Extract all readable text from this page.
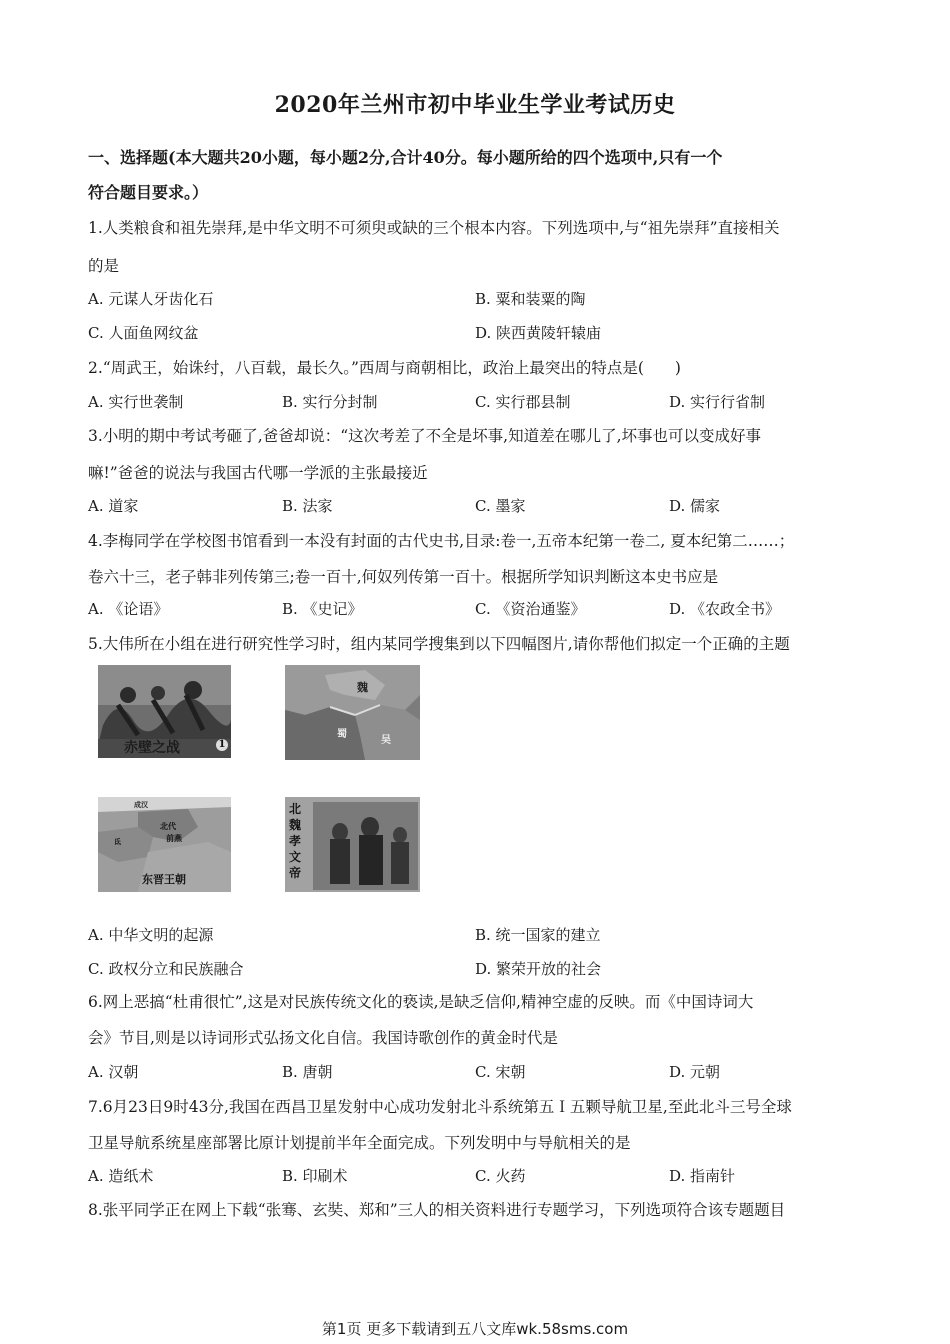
2020年兰州市初中毕业生学业考试历史
一、选择题(本大题共20小题，每小题2分,合计40分。每小题所给的四个选项中,只有一个
符合题目要求。）
1.人类粮食和祖先崇拜,是中华文明不可须臾或缺的三个根本内容。下列选项中,与“祖先崇拜”直接相关
的是
A. 元谋人牙齿化石	B. 粟和装粟的陶
C. 人面鱼网纹盆	D. 陕西黄陵轩辕庙
2.“周武王，始诛纣，八百载，最长久。”西周与商朝相比，政治上最突出的特点是(　　)
A. 实行世袭制	B. 实行分封制	C. 实行郡县制	D. 实行行省制
3.小明的期中考试考砸了,爸爸却说：“这次考差了不全是坏事,知道差在哪儿了,坏事也可以变成好事
嘛!”爸爸的说法与我国古代哪一学派的主张最接近
A. 道家	B. 法家	C. 墨家	D. 儒家
4.李梅同学在学校图书馆看到一本没有封面的古代史书,目录:卷一,五帝本纪第一卷二, 夏本纪第二……；
卷六十三，老子韩非列传第三;卷一百十,何奴列传第一百十。根据所学知识判断这本史书应是
A. 《论语》	B. 《史记》	C. 《资治通鉴》	D. 《农政全书》
5.大伟所在小组在进行研究性学习时，组内某同学搜集到以下四幅图片,请你帮他们拟定一个正确的主题
赤壁之战	1
魏
蜀
吴
成汉
北代
前燕
氐
东晋王朝
北魏孝文帝
A. 中华文明的起源	B. 统一国家的建立
C. 政权分立和民族融合	D. 繁荣开放的社会
6.网上恶搞“杜甫很忙”,这是对民族传统文化的亵读,是缺乏信仰,精神空虚的反映。而《中国诗词大
会》节目,则是以诗词形式弘扬文化自信。我国诗歌创作的黄金时代是
A. 汉朝	B. 唐朝	C. 宋朝	D. 元朝
7.6月23日9时43分,我国在西昌卫星发射中心成功发射北斗系统第五Ｉ五颗导航卫星,至此北斗三号全球
卫星导航系统星座部署比原计划提前半年全面完成。下列发明中与导航相关的是
A. 造纸术	B. 印刷术	C. 火药	D. 指南针
8.张平同学正在网上下载“张骞、玄奘、郑和”三人的相关资料进行专题学习，下列选项符合该专题题目
第1页 更多下载请到五八文库wk.58sms.com
